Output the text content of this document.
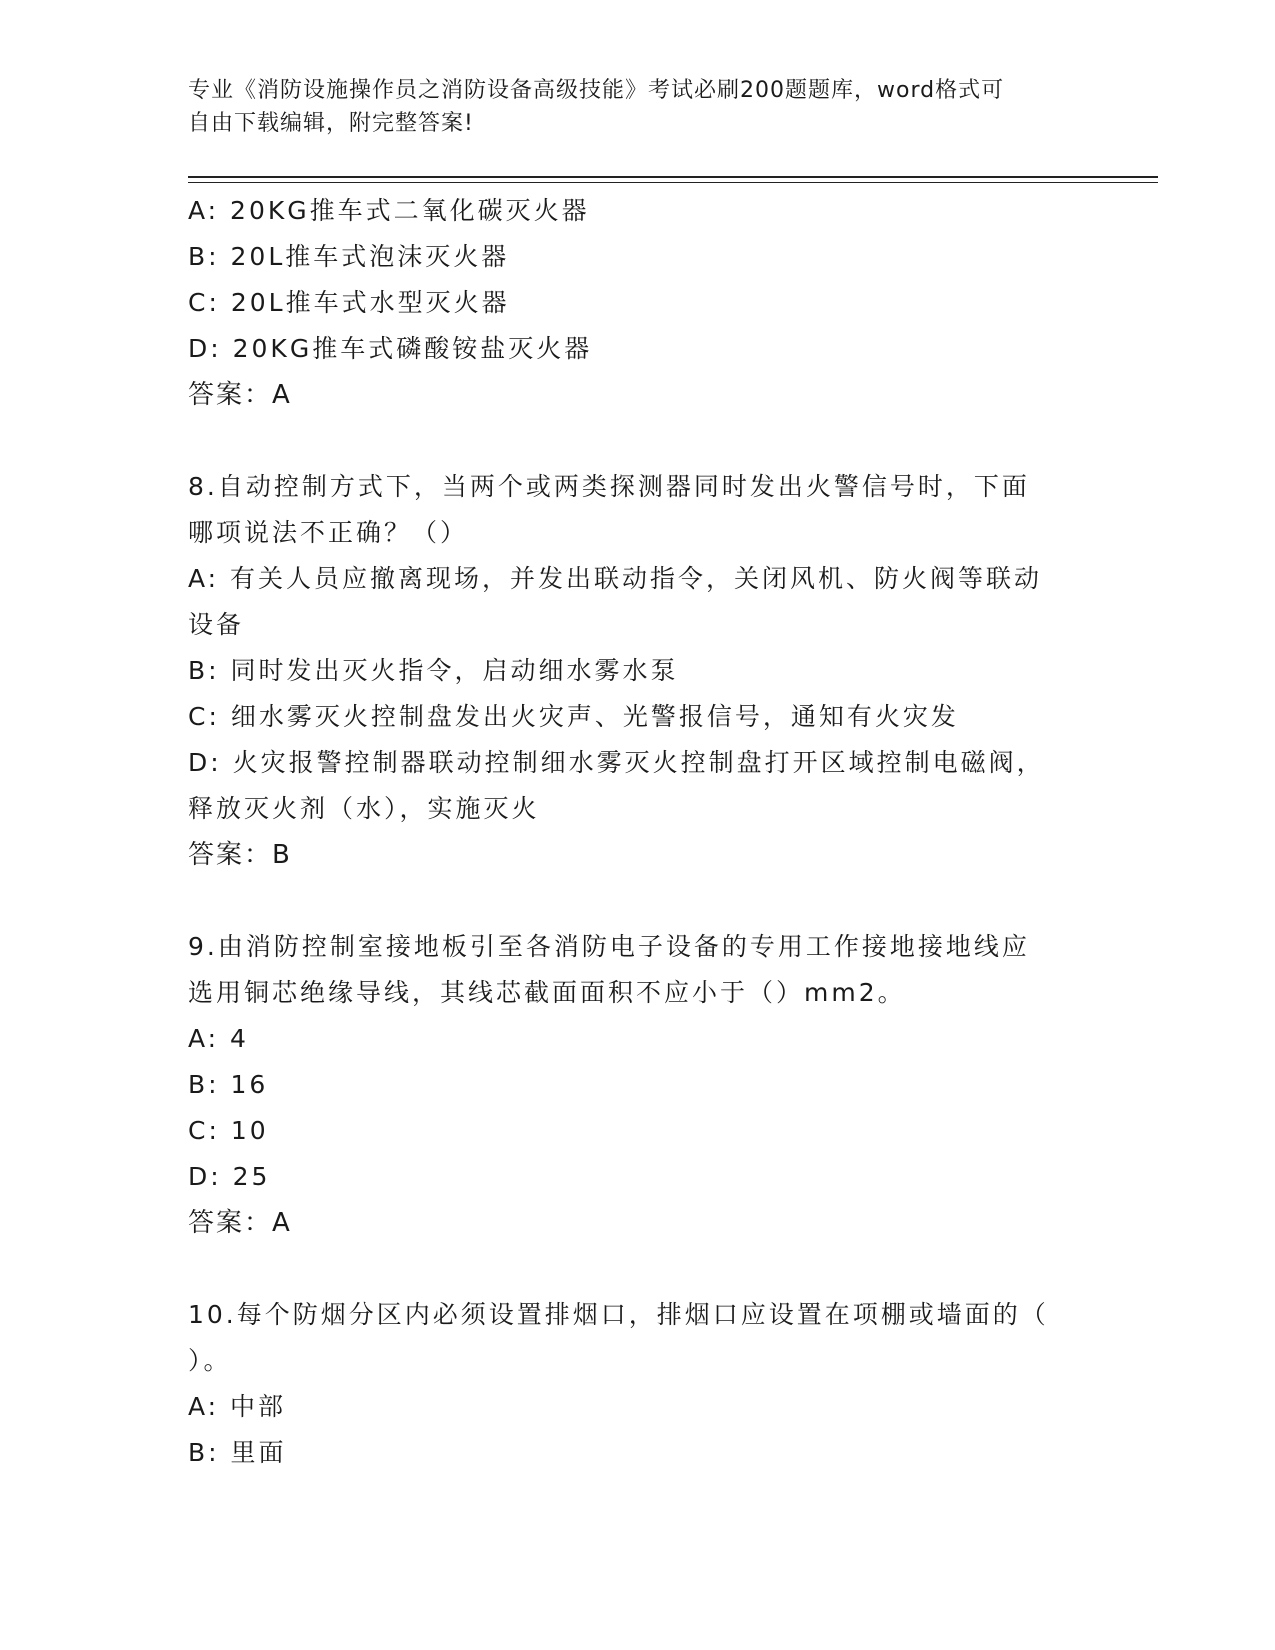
专业《消防设施操作员之消防设备高级技能》考试必刷200题题库，word格式可
自由下载编辑，附完整答案!
A: 20KG推车式二氧化碳灭火器
B: 20L推车式泡沫灭火器
C: 20L推车式水型灭火器
D: 20KG推车式磷酸铵盐灭火器
答案：A
8.自动控制方式下，当两个或两类探测器同时发出火警信号时，下面
哪项说法不正确？（）
A: 有关人员应撤离现场，并发出联动指令，关闭风机、防火阀等联动
设备
B: 同时发出灭火指令，启动细水雾水泵
C: 细水雾灭火控制盘发出火灾声、光警报信号，通知有火灾发
D: 火灾报警控制器联动控制细水雾灭火控制盘打开区域控制电磁阀，
释放灭火剂（水），实施灭火
答案：B
9.由消防控制室接地板引至各消防电子设备的专用工作接地接地线应
选用铜芯绝缘导线，其线芯截面面积不应小于（）mm2。
A: 4
B: 16
C: 10
D: 25
答案：A
10.每个防烟分区内必须设置排烟口，排烟口应设置在项棚或墙面的（
）。
A: 中部
B: 里面
